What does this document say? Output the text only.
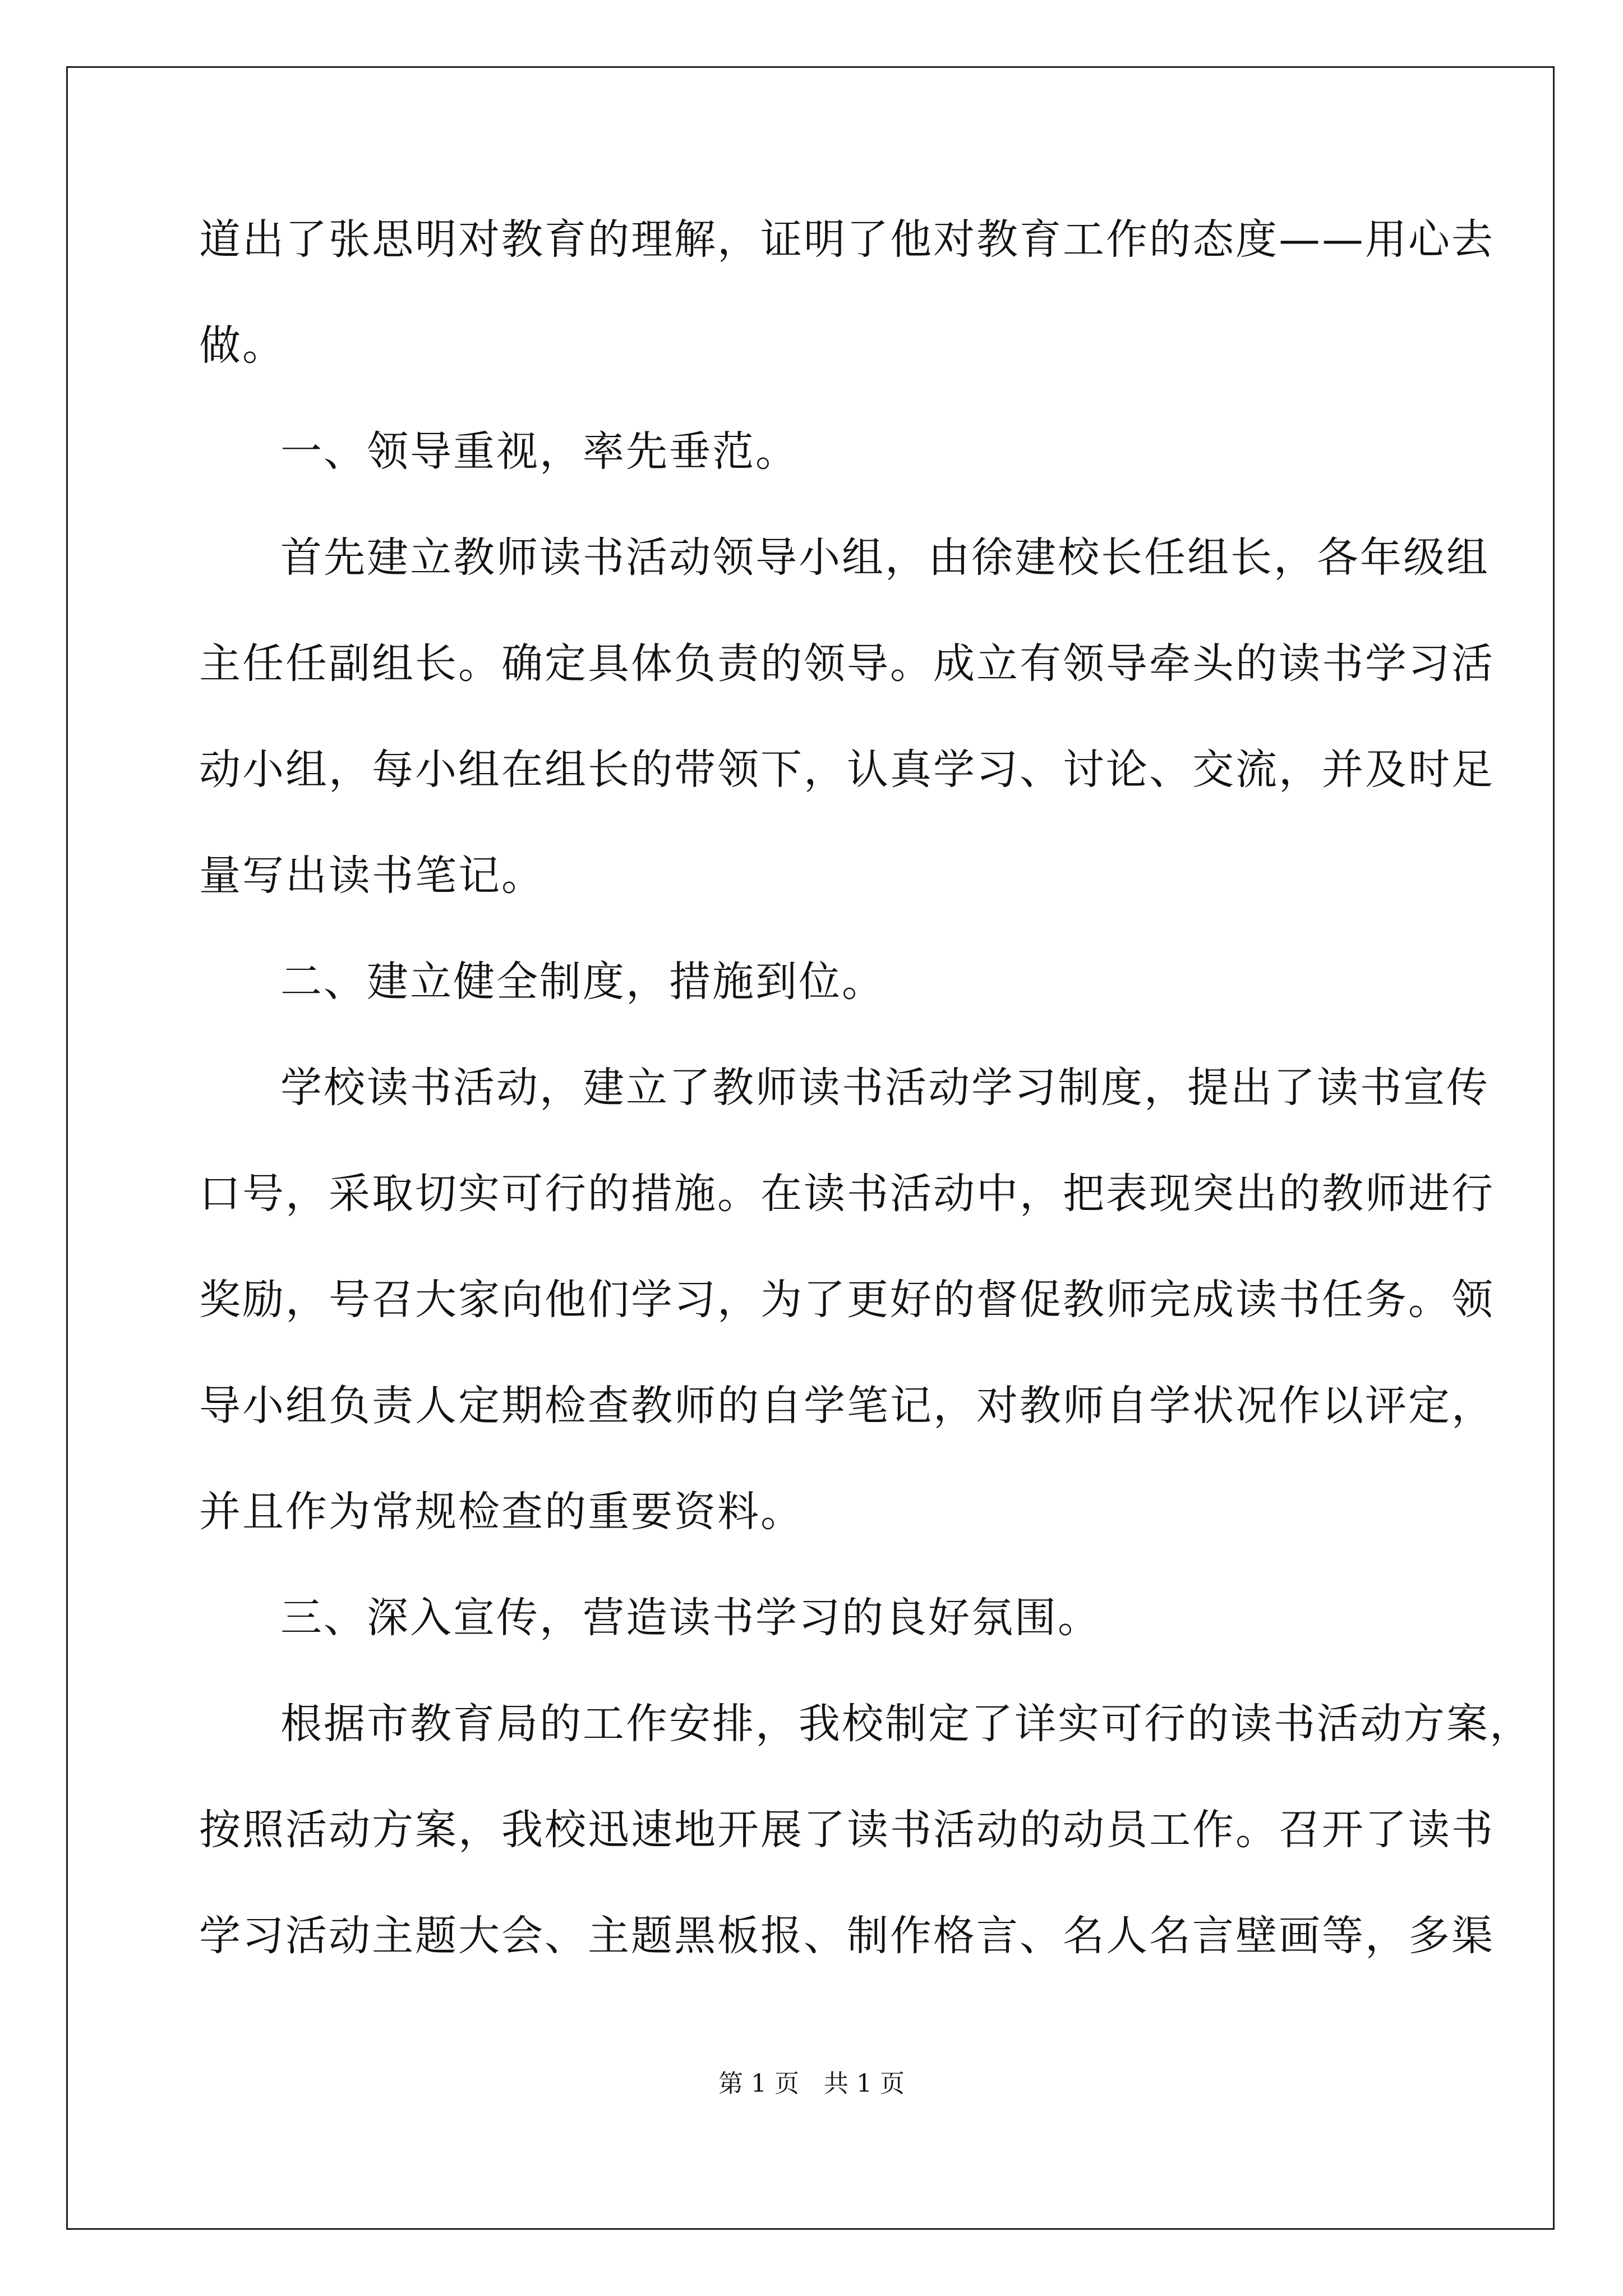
道出了张思明对教育的理解，证明了他对教育工作的态度——用心去
做。
一、领导重视，率先垂范。
首先建立教师读书活动领导小组，由徐建校长任组长，各年级组
主任任副组长。确定具体负责的领导。成立有领导牵头的读书学习活
动小组，每小组在组长的带领下，认真学习、讨论、交流，并及时足
量写出读书笔记。
二、建立健全制度，措施到位。
学校读书活动，建立了教师读书活动学习制度，提出了读书宣传
口号，采取切实可行的措施。在读书活动中，把表现突出的教师进行
奖励，号召大家向他们学习，为了更好的督促教师完成读书任务。领
导小组负责人定期检查教师的自学笔记，对教师自学状况作以评定，
并且作为常规检查的重要资料。
三、深入宣传，营造读书学习的良好氛围。
根据市教育局的工作安排，我校制定了详实可行的读书活动方案，
按照活动方案，我校迅速地开展了读书活动的动员工作。召开了读书
学习活动主题大会、主题黑板报、制作格言、名人名言壁画等，多渠
第 1 页　共 1 页
